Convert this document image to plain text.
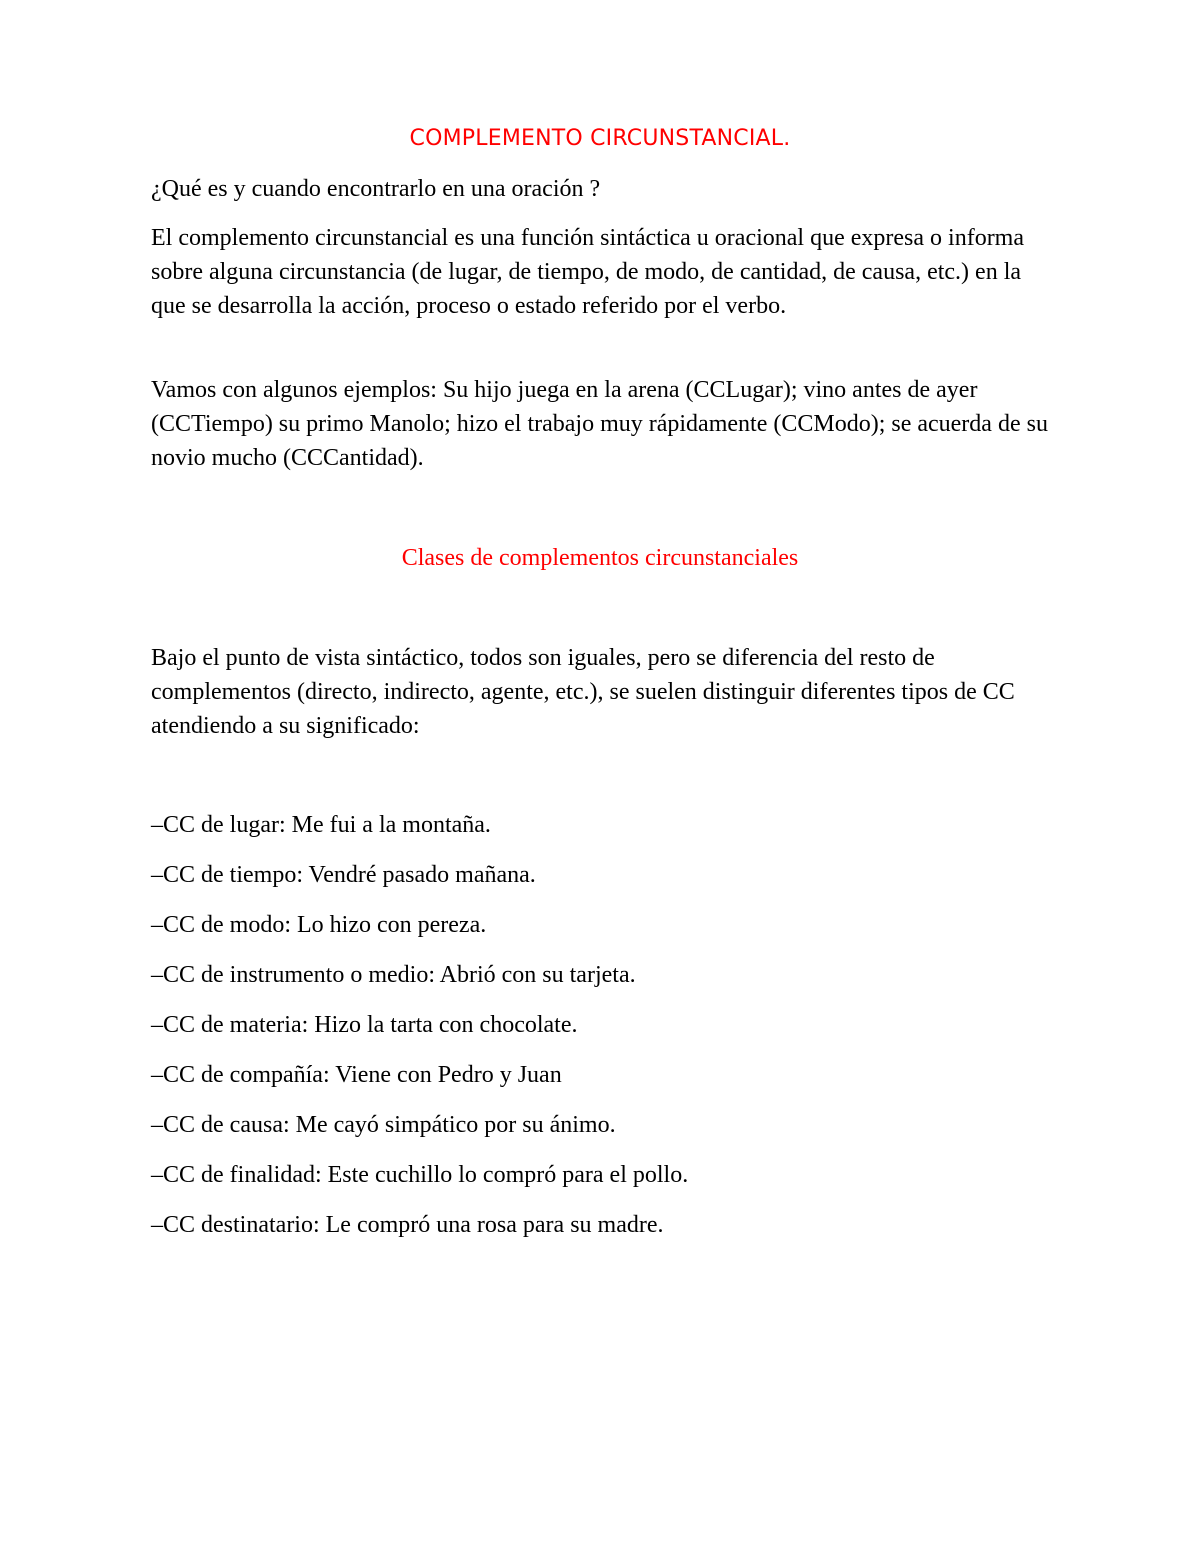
COMPLEMENTO CIRCUNSTANCIAL.

¿Qué es y cuando encontrarlo en una oración ?

El complemento circunstancial es una función sintáctica u oracional que expresa o informa sobre alguna circunstancia (de lugar, de tiempo, de modo, de cantidad, de causa, etc.) en la que se desarrolla la acción, proceso o estado referido por el verbo.

Vamos con algunos ejemplos: Su hijo juega en la arena (CCLugar); vino antes de ayer (CCTiempo) su primo Manolo; hizo el trabajo muy rápidamente (CCModo); se acuerda de su novio mucho (CCCantidad).

Clases de complementos circunstanciales

Bajo el punto de vista sintáctico, todos son iguales, pero se diferencia del resto de complementos (directo, indirecto, agente, etc.), se suelen distinguir diferentes tipos de CC atendiendo a su significado:

–CC de lugar: Me fui a la montaña.
–CC de tiempo: Vendré pasado mañana.
–CC de modo: Lo hizo con pereza.
–CC de instrumento o medio: Abrió con su tarjeta.
–CC de materia: Hizo la tarta con chocolate.
–CC de compañía: Viene con Pedro y Juan
–CC de causa: Me cayó simpático por su ánimo.
–CC de finalidad: Este cuchillo lo compró para el pollo.
–CC destinatario: Le compró una rosa para su madre.
